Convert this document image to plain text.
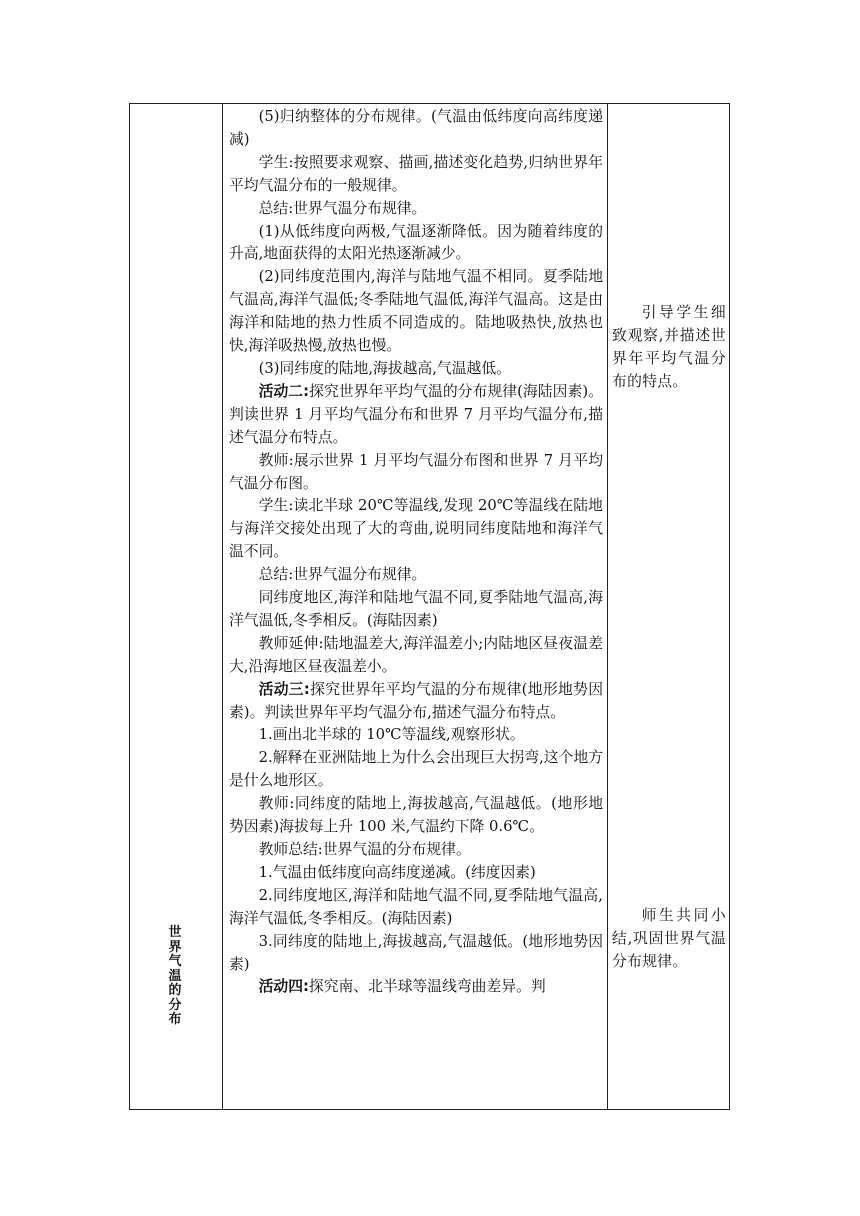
世界气温的分布

(5)归纳整体的分布规律。(气温由低纬度向高纬度递减)

学生:按照要求观察、描画,描述变化趋势,归纳世界年平均气温分布的一般规律。

总结:世界气温分布规律。

(1)从低纬度向两极,气温逐渐降低。因为随着纬度的升高,地面获得的太阳光热逐渐减少。

(2)同纬度范围内,海洋与陆地气温不相同。夏季陆地气温高,海洋气温低;冬季陆地气温低,海洋气温高。这是由海洋和陆地的热力性质不同造成的。陆地吸热快,放热也快,海洋吸热慢,放热也慢。

(3)同纬度的陆地,海拔越高,气温越低。

活动二:探究世界年平均气温的分布规律(海陆因素)。判读世界 1 月平均气温分布和世界 7 月平均气温分布,描述气温分布特点。

教师:展示世界 1 月平均气温分布图和世界 7 月平均气温分布图。

学生:读北半球 20℃等温线,发现 20℃等温线在陆地与海洋交接处出现了大的弯曲,说明同纬度陆地和海洋气温不同。

总结:世界气温分布规律。

同纬度地区,海洋和陆地气温不同,夏季陆地气温高,海洋气温低,冬季相反。(海陆因素)

教师延伸:陆地温差大,海洋温差小;内陆地区昼夜温差大,沿海地区昼夜温差小。

活动三:探究世界年平均气温的分布规律(地形地势因素)。判读世界年平均气温分布,描述气温分布特点。

1.画出北半球的 10℃等温线,观察形状。

2.解释在亚洲陆地上为什么会出现巨大拐弯,这个地方是什么地形区。

教师:同纬度的陆地上,海拔越高,气温越低。(地形地势因素)海拔每上升 100 米,气温约下降 0.6℃。

教师总结:世界气温的分布规律。

1.气温由低纬度向高纬度递减。(纬度因素)

2.同纬度地区,海洋和陆地气温不同,夏季陆地气温高,海洋气温低,冬季相反。(海陆因素)

3.同纬度的陆地上,海拔越高,气温越低。(地形地势因素)

活动四:探究南、北半球等温线弯曲差异。判

引导学生细致观察,并描述世界年平均气温分布的特点。

师生共同小结,巩固世界气温分布规律。
